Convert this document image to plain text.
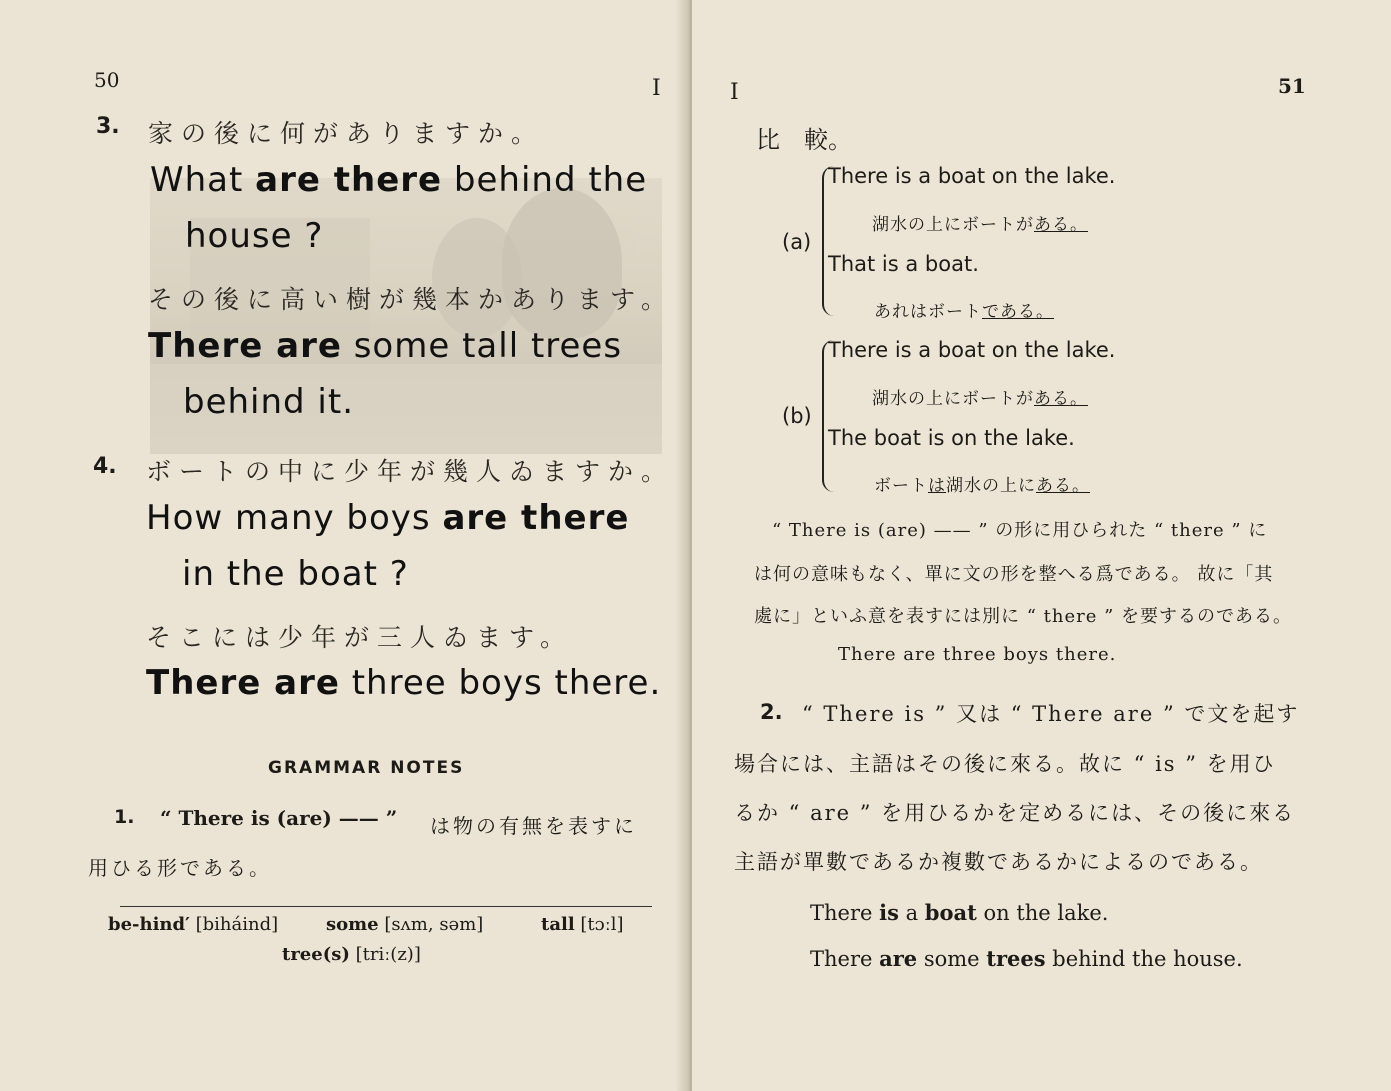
50	I
3. 家の後に何がありますか。
What are there behind the
house ?
その後に高い樹が幾本かあります。
There are some tall trees
behind it.
4. ボートの中に少年が幾人ゐますか。
How many boys are there
in the boat ?
そこには少年が三人ゐます。
There are three boys there.
GRAMMAR NOTES
1. “ There is (are) —— ” は物の有無を表すに
用ひる形である。
be-hind′ [biháind]	some [sʌm, səm]	tall [tɔːl]
tree(s) [triː(z)]
I	51
比　較。
(a)
There is a boat on the lake.
湖水の上にボートがある。
That is a boat.
あれはボートである。
(b)
There is a boat on the lake.
湖水の上にボートがある。
The boat is on the lake.
ボートは湖水の上にある。
“ There is (are) —— ” の形に用ひられた “ there ” に
は何の意味もなく、單に文の形を整へる爲である。 故に「其
處に」といふ意を表すには別に “ there ” を要するのである。
There are three boys there.
2. “ There is ” 又は “ There are ” で文を起す
場合には、主語はその後に來る。故に “ is ” を用ひ
るか “ are ” を用ひるかを定めるには、その後に來る
主語が單數であるか複數であるかによるのである。
There is a boat on the lake.
There are some trees behind the house.
